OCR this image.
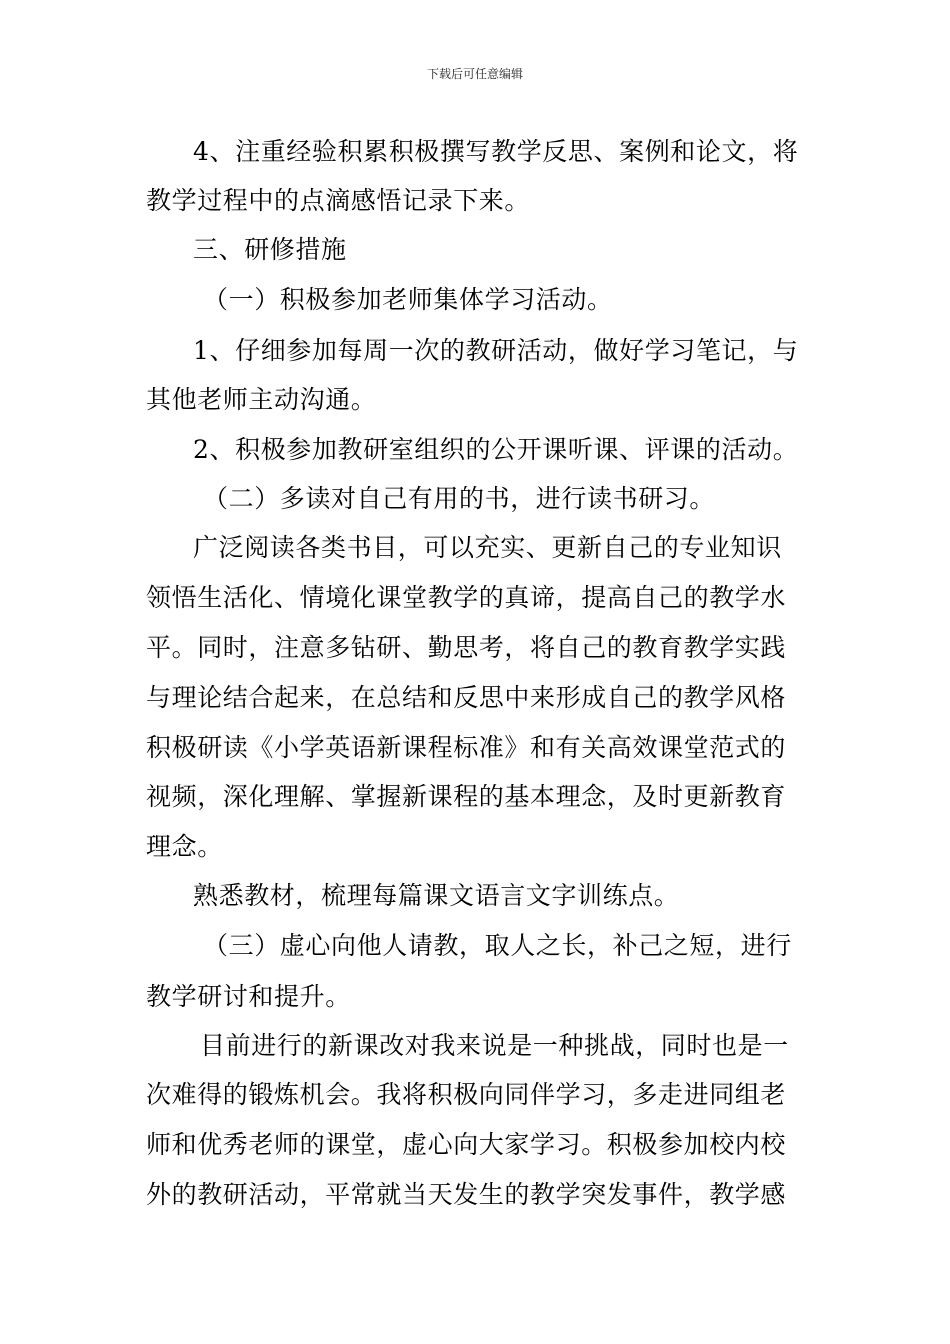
下载后可任意编辑
4、注重经验积累积极撰写教学反思、案例和论文，将
教学过程中的点滴感悟记录下来。
三、研修措施
（一）积极参加老师集体学习活动。
1、仔细参加每周一次的教研活动，做好学习笔记，与
其他老师主动沟通。
2、积极参加教研室组织的公开课听课、评课的活动。
（二）多读对自己有用的书，进行读书研习。
广泛阅读各类书目，可以充实、更新自己的专业知识
领悟生活化、情境化课堂教学的真谛，提高自己的教学水
平。同时，注意多钻研、勤思考，将自己的教育教学实践
与理论结合起来，在总结和反思中来形成自己的教学风格
积极研读《小学英语新课程标准》和有关高效课堂范式的
视频，深化理解、掌握新课程的基本理念，及时更新教育
理念。
熟悉教材，梳理每篇课文语言文字训练点。
（三）虚心向他人请教，取人之长，补己之短，进行
教学研讨和提升。
目前进行的新课改对我来说是一种挑战，同时也是一
次难得的锻炼机会。我将积极向同伴学习，多走进同组老
师和优秀老师的课堂，虚心向大家学习。积极参加校内校
外的教研活动，平常就当天发生的教学突发事件，教学感
